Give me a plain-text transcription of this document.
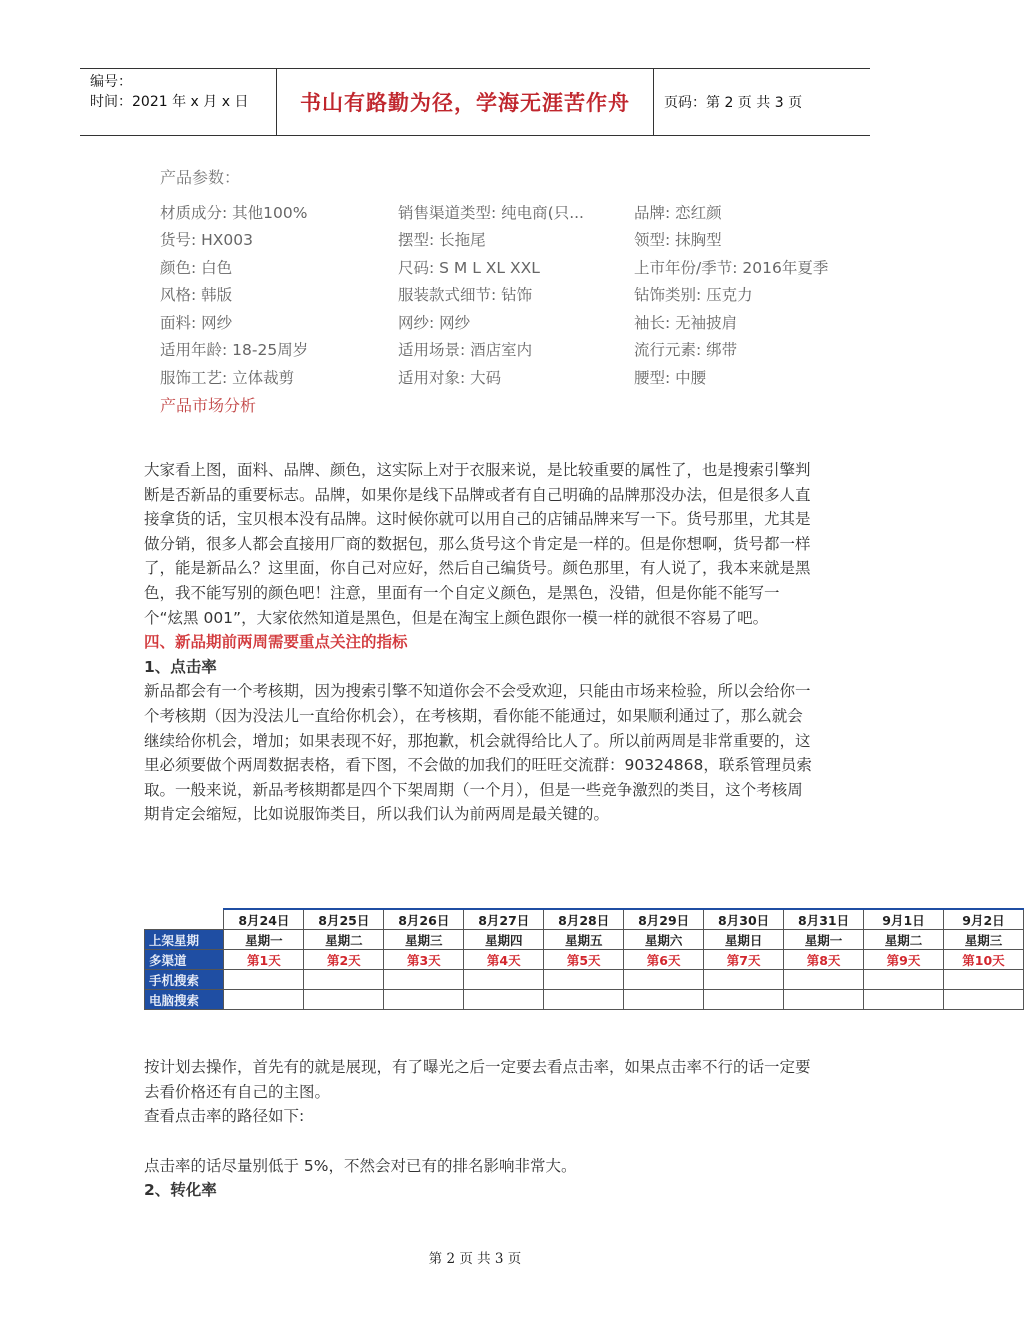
编号：
时间：2021 年 x 月 x 日 书山有路勤为径，学海无涯苦作舟 页码：第 2 页 共 3 页
产品参数：
材质成分: 其他100%	销售渠道类型: 纯电商(只...	品牌: 恋红颜
货号: HX003	摆型: 长拖尾	领型: 抹胸型
颜色: 白色	尺码: S M L XL XXL	上市年份/季节: 2016年夏季
风格: 韩版	服装款式细节: 钻饰	钻饰类别: 压克力
面料: 网纱	网纱: 网纱	袖长: 无袖披肩
适用年龄: 18-25周岁	适用场景: 酒店室内	流行元素: 绑带
服饰工艺: 立体裁剪	适用对象: 大码	腰型: 中腰
产品市场分析

大家看上图，面料、品牌、颜色，这实际上对于衣服来说，是比较重要的属性了，也是搜索引擎判断是否新品的重要标志。品牌，如果你是线下品牌或者有自己明确的品牌那没办法，但是很多人直接拿货的话，宝贝根本没有品牌。这时候你就可以用自己的店铺品牌来写一下。货号那里，尤其是做分销，很多人都会直接用厂商的数据包，那么货号这个肯定是一样的。但是你想啊，货号都一样了，能是新品么？这里面，你自己对应好，然后自己编货号。颜色那里，有人说了，我本来就是黑色，我不能写别的颜色吧！注意，里面有一个自定义颜色，是黑色，没错，但是你能不能写一个“炫黑 001”，大家依然知道是黑色，但是在淘宝上颜色跟你一模一样的就很不容易了吧。

四、新品期前两周需要重点关注的指标

1、点击率

新品都会有一个考核期，因为搜索引擎不知道你会不会受欢迎，只能由市场来检验，所以会给你一个考核期（因为没法儿一直给你机会），在考核期，看你能不能通过，如果顺利通过了，那么就会继续给你机会，增加；如果表现不好，那抱歉，机会就得给比人了。所以前两周是非常重要的，这里必须要做个两周数据表格，看下图，不会做的加我们的旺旺交流群：90324868，联系管理员索取。一般来说，新品考核期都是四个下架周期（一个月），但是一些竞争激烈的类目，这个考核周期肯定会缩短，比如说服饰类目，所以我们认为前两周是最关键的。

	8月24日	8月25日	8月26日	8月27日	8月28日	8月29日	8月30日	8月31日	9月1日	9月2日
上架星期	星期一	星期二	星期三	星期四	星期五	星期六	星期日	星期一	星期二	星期三
多渠道	第1天	第2天	第3天	第4天	第5天	第6天	第7天	第8天	第9天	第10天
手机搜索										
电脑搜索										

按计划去操作，首先有的就是展现，有了曝光之后一定要去看点击率，如果点击率不行的话一定要去看价格还有自己的主图。

查看点击率的路径如下:

点击率的话尽量别低于 5%，不然会对已有的排名影响非常大。

2、转化率

第 2 页 共 3 页
